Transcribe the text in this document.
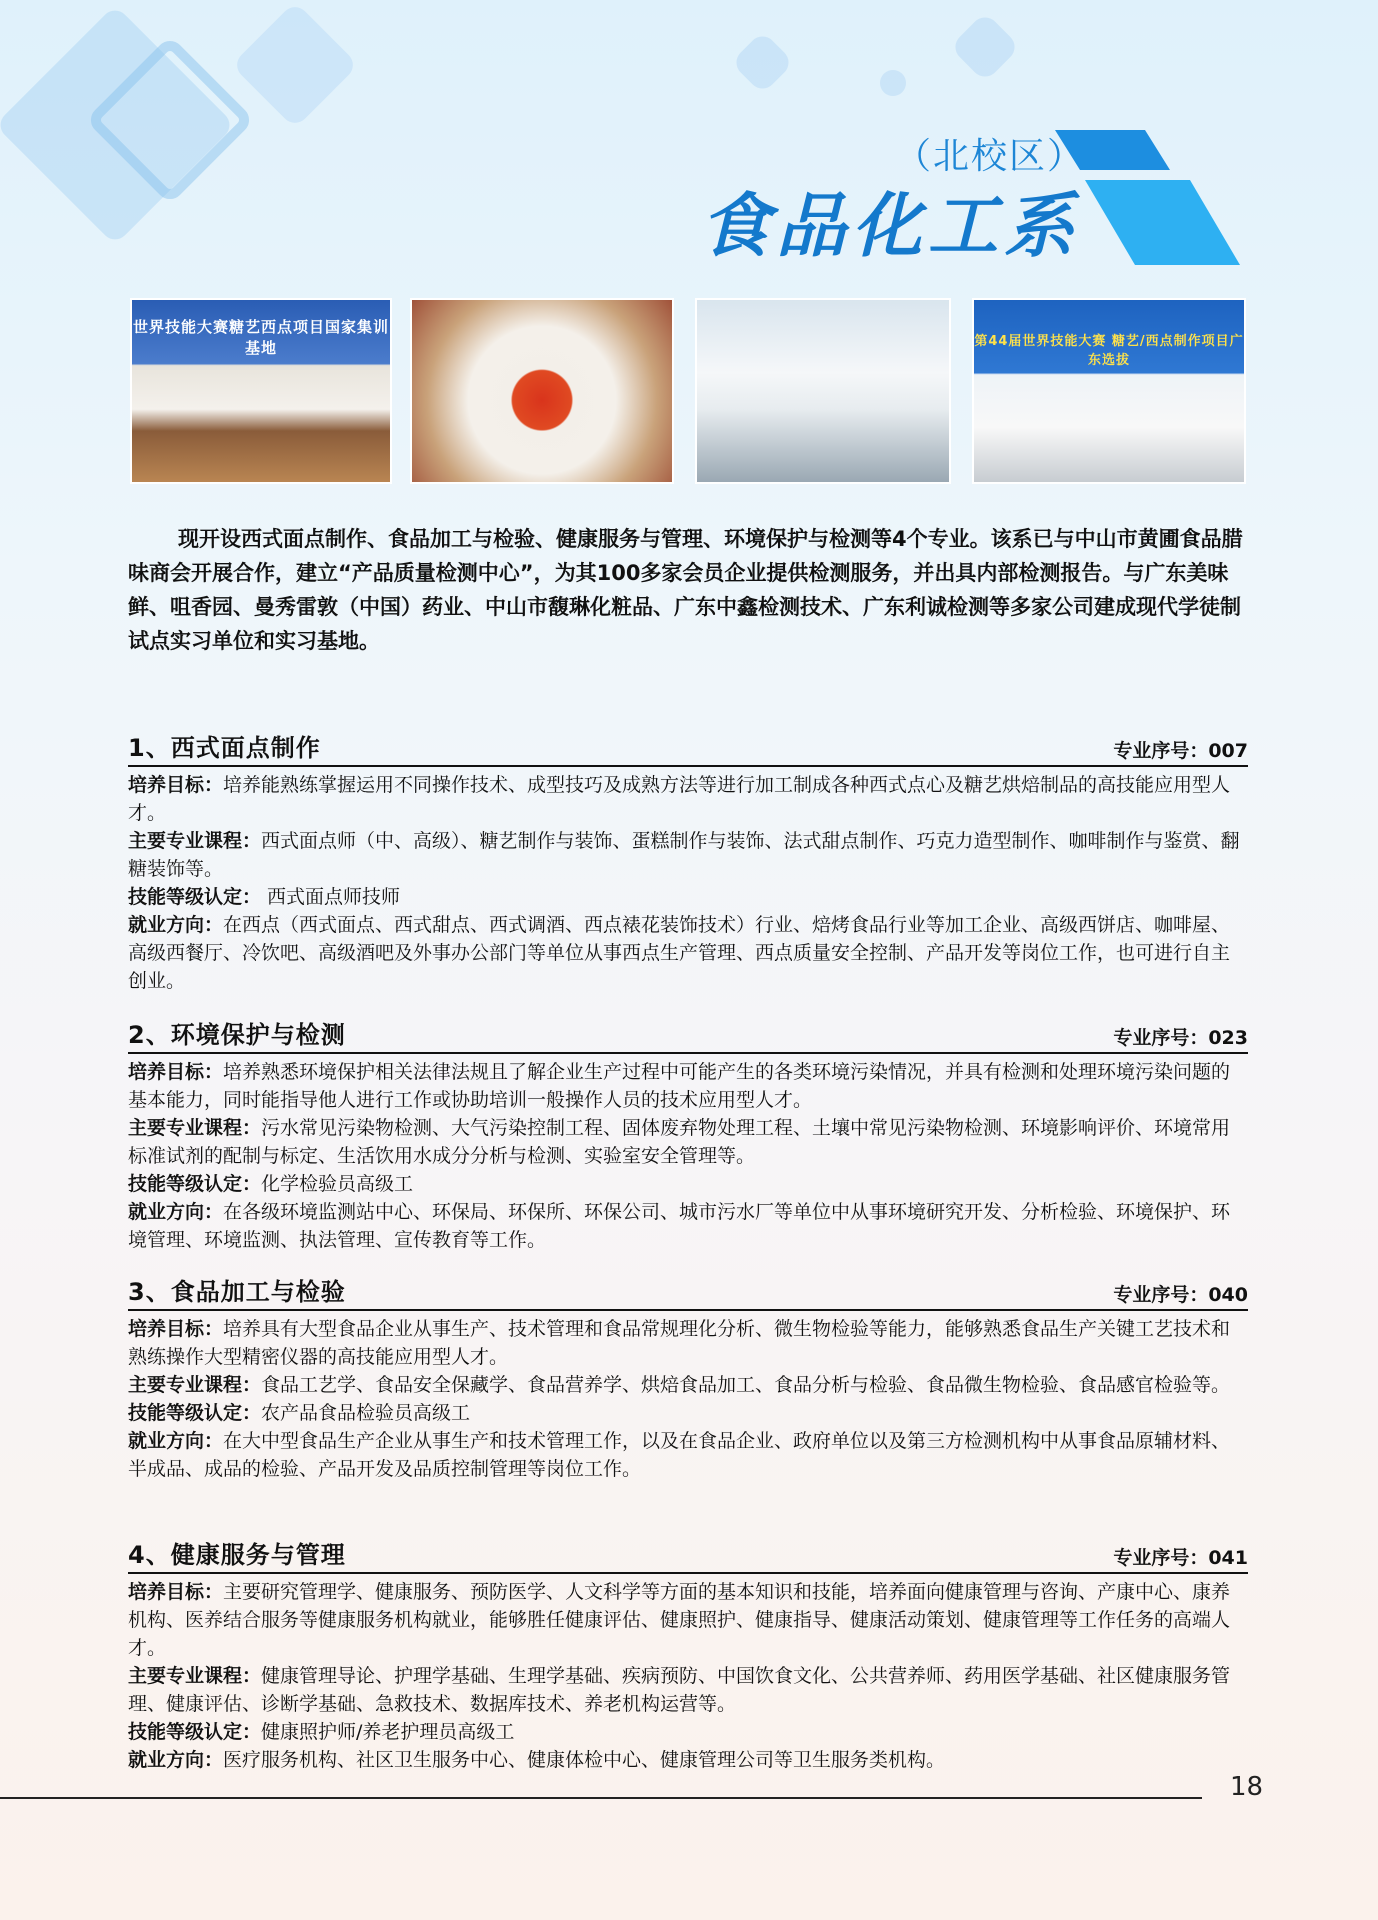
（北校区）
食品化工系
世界技能大赛糖艺西点项目国家集训基地	第44届世界技能大赛 糖艺/西点制作项目广东选拔

现开设西式面点制作、食品加工与检验、健康服务与管理、环境保护与检测等4个专业。该系已与中山市黄圃食品腊味商会开展合作，建立“产品质量检测中心”，为其100多家会员企业提供检测服务，并出具内部检测报告。与广东美味鲜、咀香园、曼秀雷敦（中国）药业、中山市馥琳化粧品、广东中鑫检测技术、广东利诚检测等多家公司建成现代学徒制试点实习单位和实习基地。

1、西式面点制作	专业序号：007

培养目标：培养能熟练掌握运用不同操作技术、成型技巧及成熟方法等进行加工制成各种西式点心及糖艺烘焙制品的高技能应用型人才。

主要专业课程：西式面点师（中、高级）、糖艺制作与装饰、蛋糕制作与装饰、法式甜点制作、巧克力造型制作、咖啡制作与鉴赏、翻糖装饰等。

技能等级认定： 西式面点师技师

就业方向：在西点（西式面点、西式甜点、西式调酒、西点裱花装饰技术）行业、焙烤食品行业等加工企业、高级西饼店、咖啡屋、高级西餐厅、冷饮吧、高级酒吧及外事办公部门等单位从事西点生产管理、西点质量安全控制、产品开发等岗位工作，也可进行自主创业。

2、环境保护与检测	专业序号：023

培养目标：培养熟悉环境保护相关法律法规且了解企业生产过程中可能产生的各类环境污染情况，并具有检测和处理环境污染问题的基本能力，同时能指导他人进行工作或协助培训一般操作人员的技术应用型人才。

主要专业课程：污水常见污染物检测、大气污染控制工程、固体废弃物处理工程、土壤中常见污染物检测、环境影响评价、环境常用标准试剂的配制与标定、生活饮用水成分分析与检测、实验室安全管理等。

技能等级认定：化学检验员高级工

就业方向：在各级环境监测站中心、环保局、环保所、环保公司、城市污水厂等单位中从事环境研究开发、分析检验、环境保护、环境管理、环境监测、执法管理、宣传教育等工作。

3、食品加工与检验	专业序号：040

培养目标：培养具有大型食品企业从事生产、技术管理和食品常规理化分析、微生物检验等能力，能够熟悉食品生产关键工艺技术和熟练操作大型精密仪器的高技能应用型人才。

主要专业课程：食品工艺学、食品安全保藏学、食品营养学、烘焙食品加工、食品分析与检验、食品微生物检验、食品感官检验等。

技能等级认定：农产品食品检验员高级工

就业方向：在大中型食品生产企业从事生产和技术管理工作，以及在食品企业、政府单位以及第三方检测机构中从事食品原辅材料、半成品、成品的检验、产品开发及品质控制管理等岗位工作。

4、健康服务与管理	专业序号：041

培养目标：主要研究管理学、健康服务、预防医学、人文科学等方面的基本知识和技能，培养面向健康管理与咨询、产康中心、康养机构、医养结合服务等健康服务机构就业，能够胜任健康评估、健康照护、健康指导、健康活动策划、健康管理等工作任务的高端人才。

主要专业课程：健康管理导论、护理学基础、生理学基础、疾病预防、中国饮食文化、公共营养师、药用医学基础、社区健康服务管理、健康评估、诊断学基础、急救技术、数据库技术、养老机构运营等。

技能等级认定：健康照护师/养老护理员高级工

就业方向：医疗服务机构、社区卫生服务中心、健康体检中心、健康管理公司等卫生服务类机构。

18
